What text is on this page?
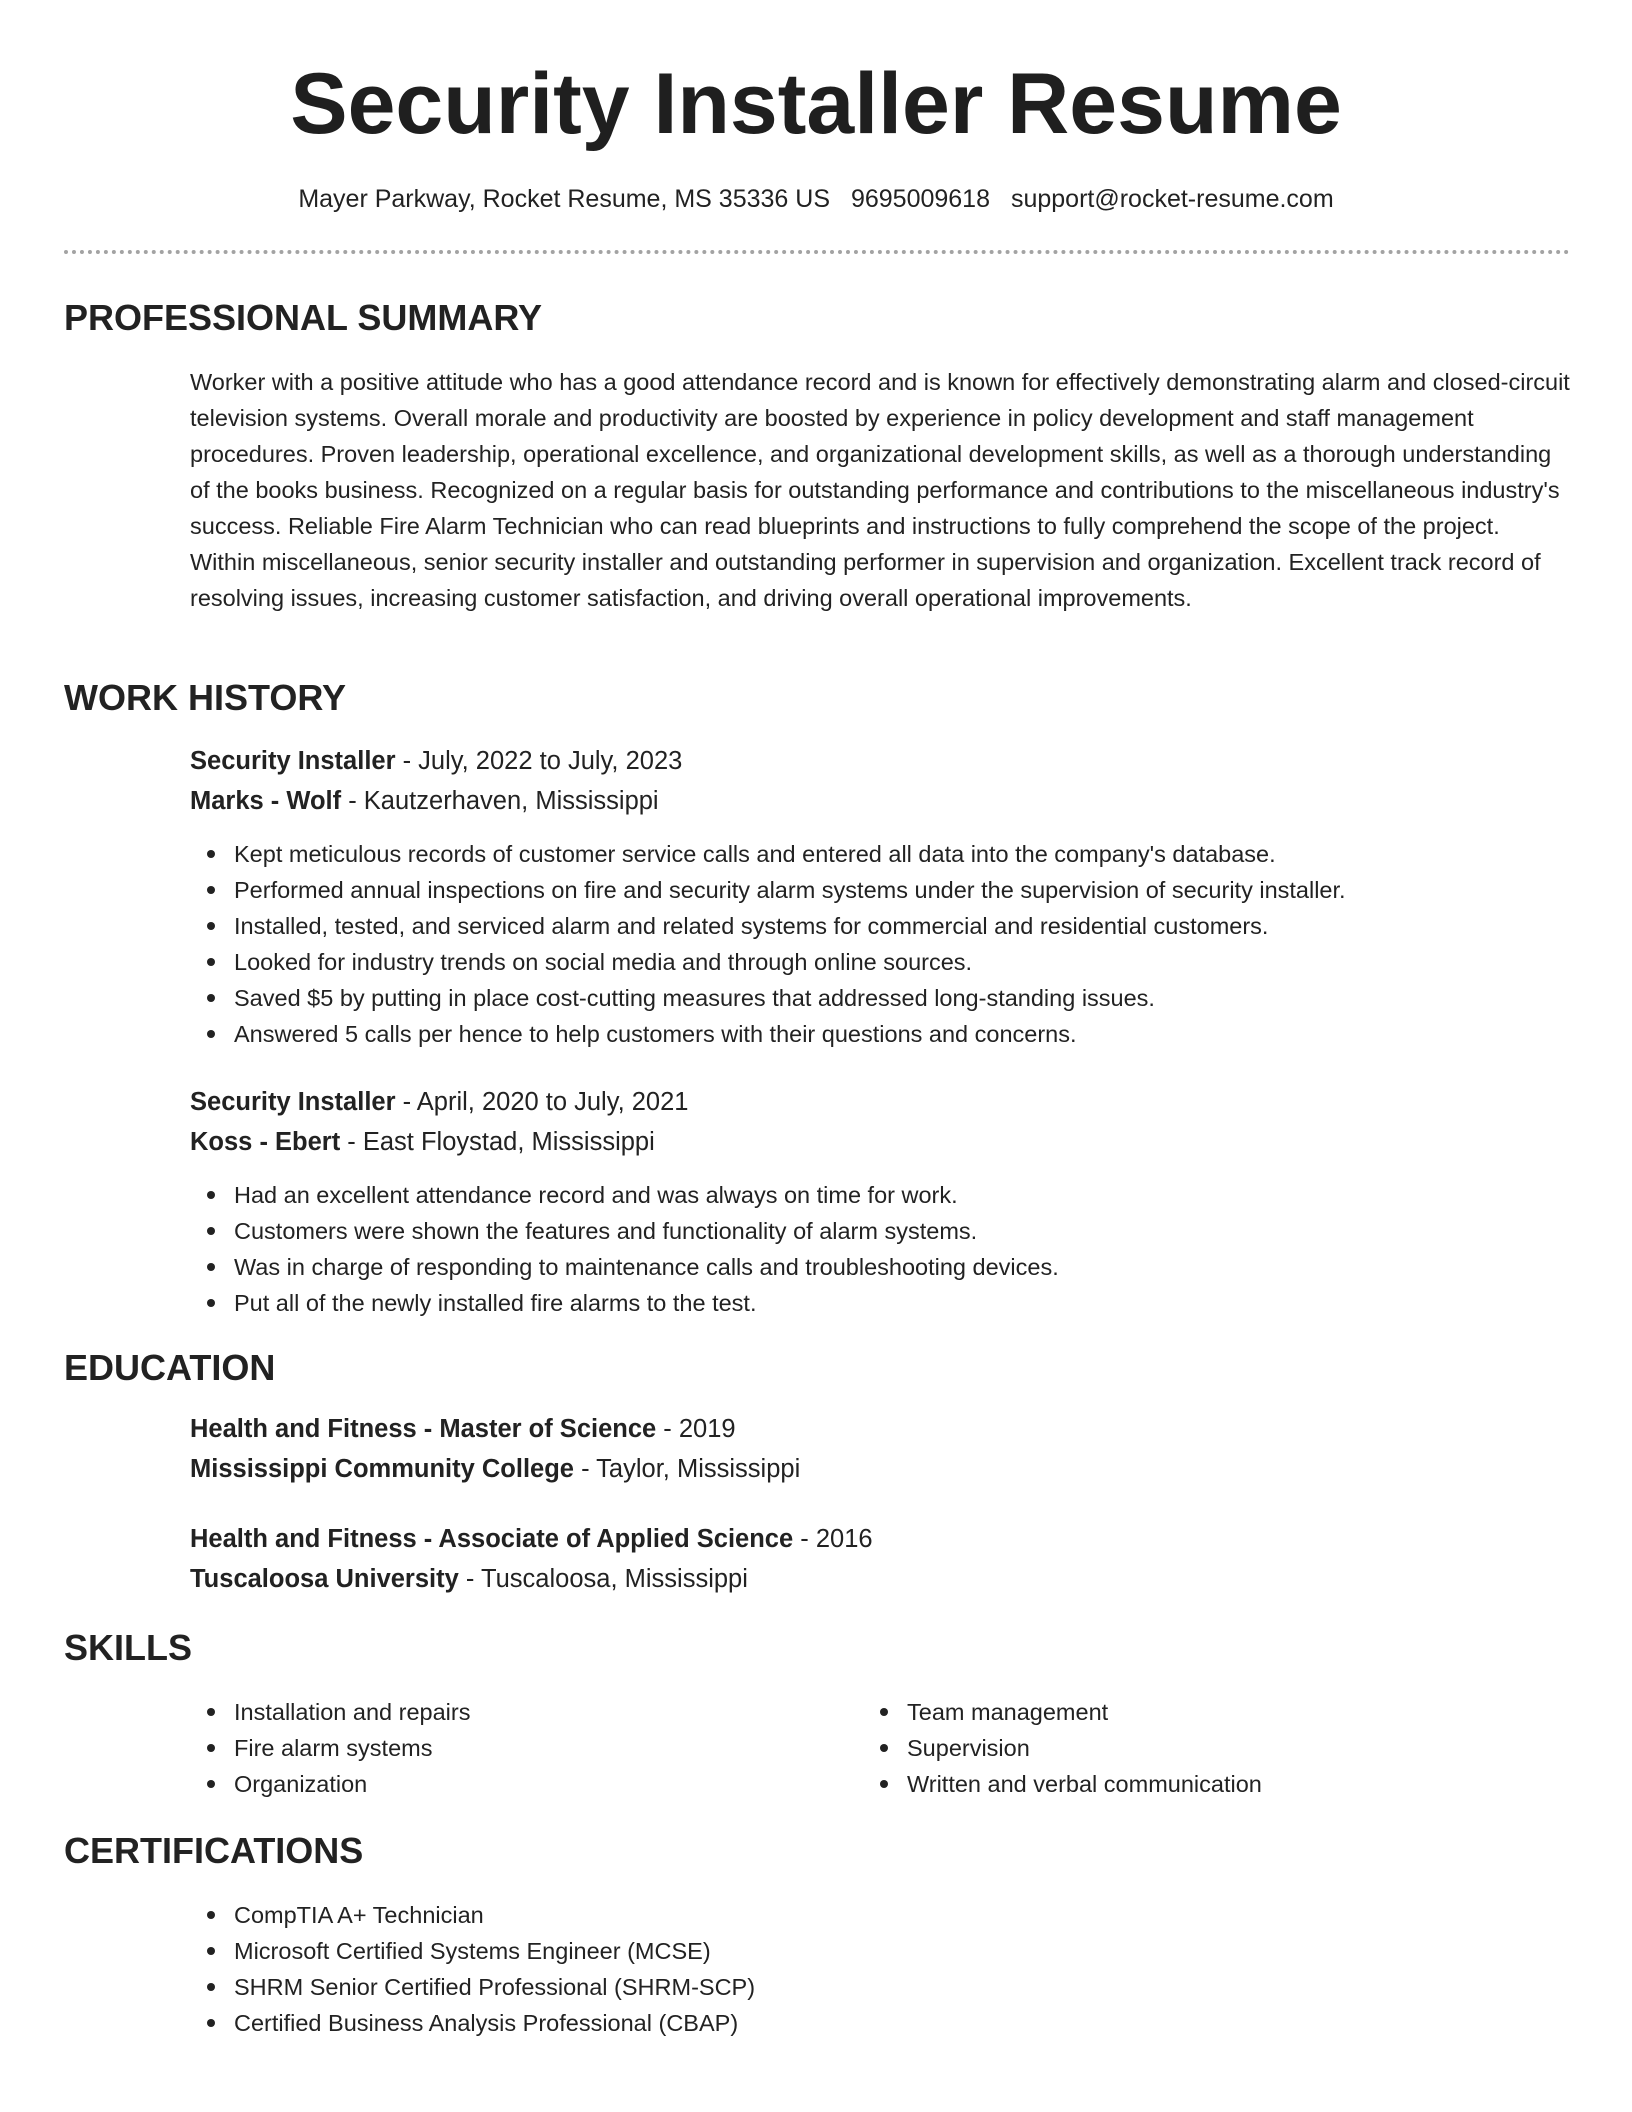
Security Installer Resume
Mayer Parkway, Rocket Resume, MS 35336 US 9695009618 support@rocket-resume.com
PROFESSIONAL SUMMARY

Worker with a positive attitude who has a good attendance record and is known for effectively demonstrating alarm and closed-circuit television systems. Overall morale and productivity are boosted by experience in policy development and staff management procedures. Proven leadership, operational excellence, and organizational development skills, as well as a thorough understanding of the books business. Recognized on a regular basis for outstanding performance and contributions to the miscellaneous industry's success. Reliable Fire Alarm Technician who can read blueprints and instructions to fully comprehend the scope of the project. Within miscellaneous, senior security installer and outstanding performer in supervision and organization. Excellent track record of resolving issues, increasing customer satisfaction, and driving overall operational improvements.

WORK HISTORY
Security Installer - July, 2022 to July, 2023
Marks - Wolf - Kautzerhaven, Mississippi
Kept meticulous records of customer service calls and entered all data into the company's database.
Performed annual inspections on fire and security alarm systems under the supervision of security installer.
Installed, tested, and serviced alarm and related systems for commercial and residential customers.
Looked for industry trends on social media and through online sources.
Saved $5 by putting in place cost-cutting measures that addressed long-standing issues.
Answered 5 calls per hence to help customers with their questions and concerns.
Security Installer - April, 2020 to July, 2021
Koss - Ebert - East Floystad, Mississippi
Had an excellent attendance record and was always on time for work.
Customers were shown the features and functionality of alarm systems.
Was in charge of responding to maintenance calls and troubleshooting devices.
Put all of the newly installed fire alarms to the test.
EDUCATION
Health and Fitness - Master of Science - 2019
Mississippi Community College - Taylor, Mississippi
Health and Fitness - Associate of Applied Science - 2016
Tuscaloosa University - Tuscaloosa, Mississippi
SKILLS
Installation and repairs
Fire alarm systems
Organization
Team management
Supervision
Written and verbal communication
CERTIFICATIONS
CompTIA A+ Technician
Microsoft Certified Systems Engineer (MCSE)
SHRM Senior Certified Professional (SHRM-SCP)
Certified Business Analysis Professional (CBAP)
